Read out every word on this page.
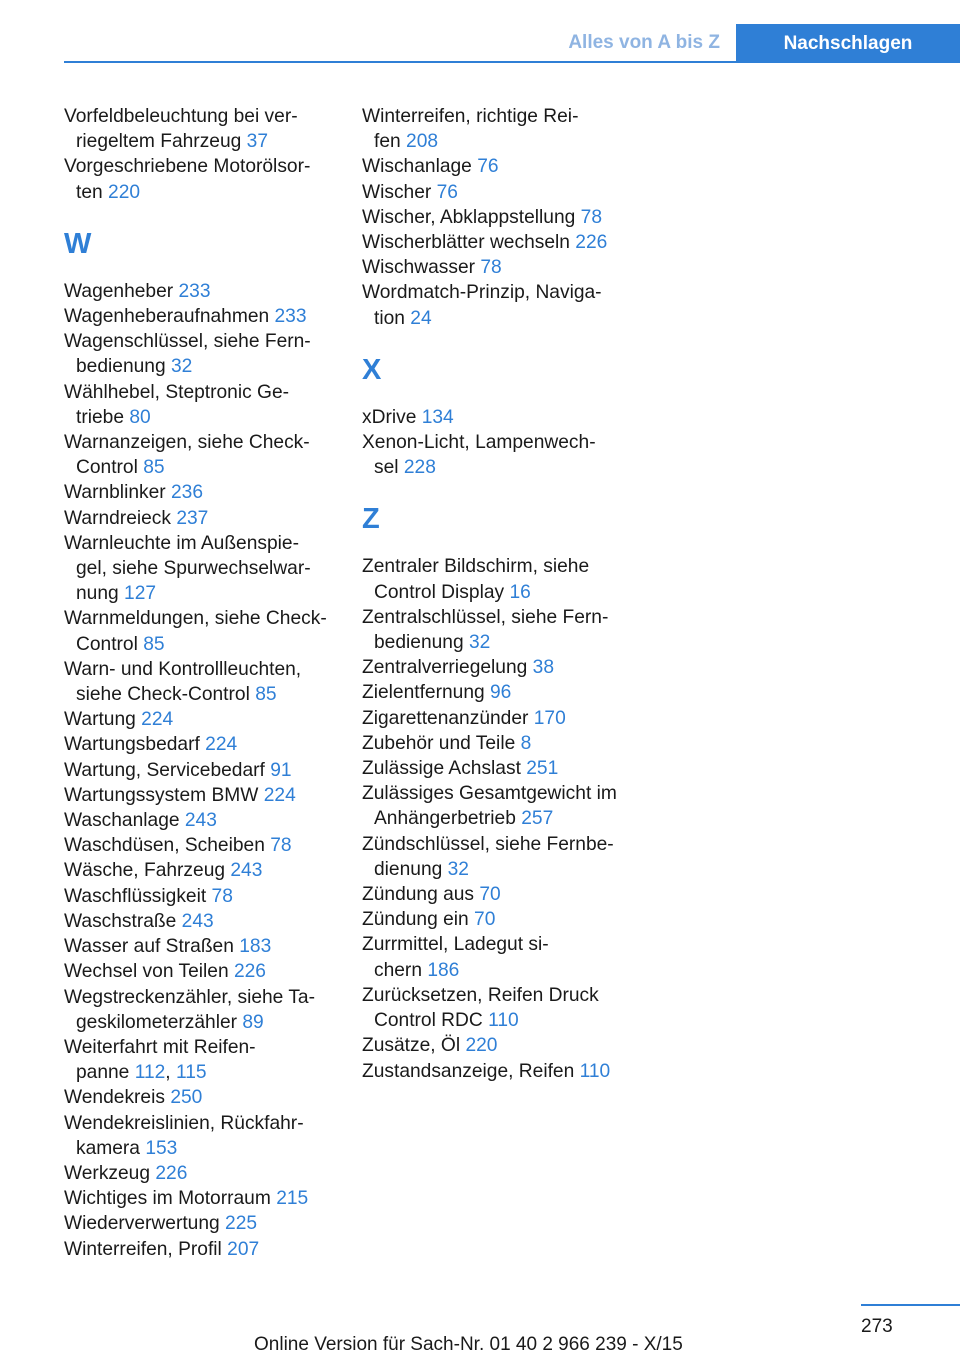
Alles von A bis Z	Nachschlagen

Vorfeldbeleuchtung bei ver-
riegeltem Fahrzeug 37

Vorgeschriebene Motorölsor-
ten 220

W

Wagenheber 233

Wagenheberaufnahmen 233

Wagenschlüssel, siehe Fern-
bedienung 32

Wählhebel, Steptronic Ge-
triebe 80

Warnanzeigen, siehe Check-Control 85

Warnblinker 236

Warndreieck 237

Warnleuchte im Außenspie-
gel, siehe Spurwechselwar-
nung 127

Warnmeldungen, siehe Check-Control 85

Warn- und Kontrollleuchten, siehe Check-Control 85

Wartung 224

Wartungsbedarf 224

Wartung, Servicebedarf 91

Wartungssystem BMW 224

Waschanlage 243

Waschdüsen, Scheiben 78

Wäsche, Fahrzeug 243

Waschflüssigkeit 78

Waschstraße 243

Wasser auf Straßen 183

Wechsel von Teilen 226

Wegstreckenzähler, siehe Ta-
geskilometerzähler 89

Weiterfahrt mit Reifen-
panne 112, 115

Wendekreis 250

Wendekreislinien, Rückfahr-
kamera 153

Werkzeug 226

Wichtiges im Motorraum 215

Wiederverwertung 225

Winterreifen, Profil 207

Winterreifen, richtige Rei-
fen 208

Wischanlage 76

Wischer 76

Wischer, Abklappstellung 78

Wischerblätter wechseln 226

Wischwasser 78

Wordmatch-Prinzip, Naviga-
tion 24

X

xDrive 134

Xenon-Licht, Lampenwech-
sel 228

Z

Zentraler Bildschirm, siehe Control Display 16

Zentralschlüssel, siehe Fern-
bedienung 32

Zentralverriegelung 38

Zielentfernung 96

Zigarettenanzünder 170

Zubehör und Teile 8

Zulässige Achslast 251

Zulässiges Gesamtgewicht im Anhängerbetrieb 257

Zündschlüssel, siehe Fernbe-
dienung 32

Zündung aus 70

Zündung ein 70

Zurrmittel, Ladegut si-
chern 186

Zurücksetzen, Reifen Druck Control RDC 110

Zusätze, Öl 220

Zustandsanzeige, Reifen 110

273
Online Version für Sach-Nr. 01 40 2 966 239 - X/15
